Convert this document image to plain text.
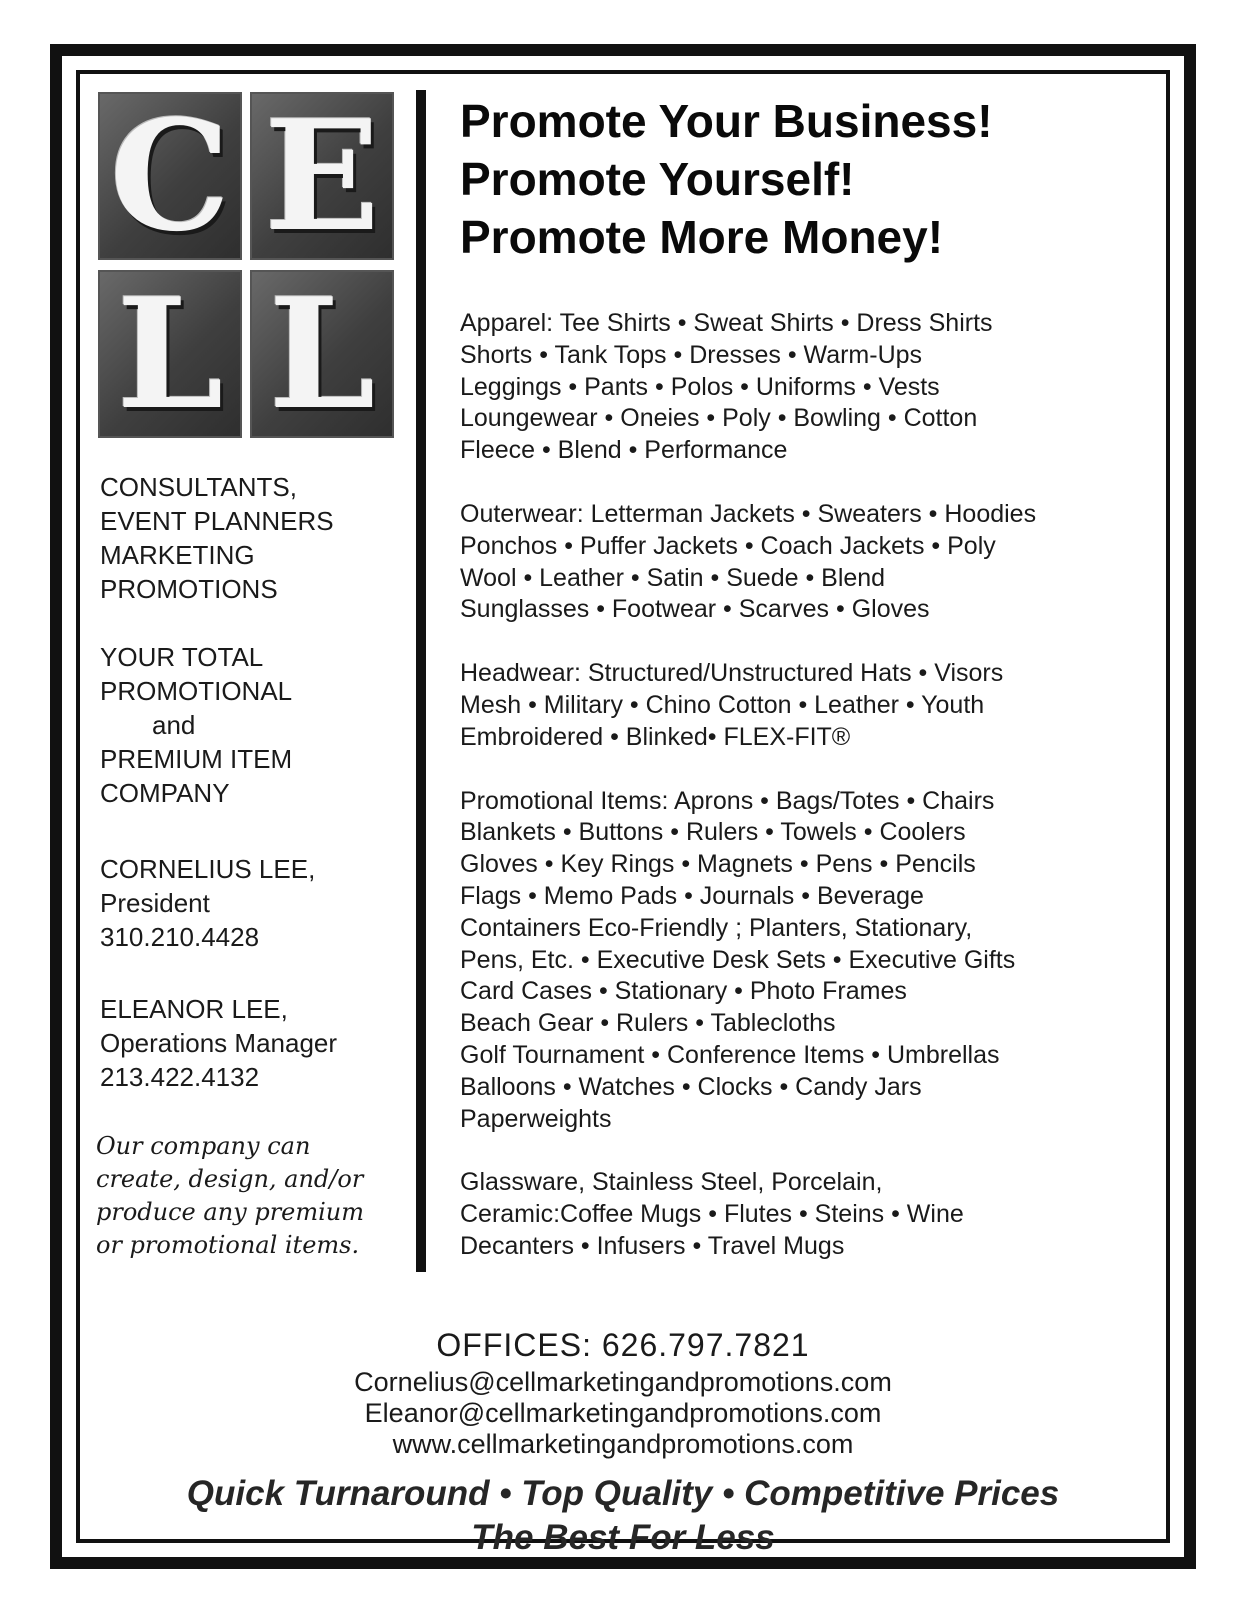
C E
L L
CONSULTANTS,
EVENT PLANNERS
MARKETING
PROMOTIONS
YOUR TOTAL
PROMOTIONAL
and
PREMIUM ITEM
COMPANY
CORNELIUS LEE,
President
310.210.4428
ELEANOR LEE,
Operations Manager
213.422.4132
Our company can
create, design, and/or
produce any premium
or promotional items.
Promote Your Business!
Promote Yourself!
Promote More Money!
Apparel: Tee Shirts • Sweat Shirts • Dress Shirts
Shorts • Tank Tops • Dresses • Warm-Ups
Leggings • Pants • Polos • Uniforms • Vests
Loungewear • Oneies • Poly • Bowling • Cotton
Fleece • Blend • Performance
Outerwear: Letterman Jackets • Sweaters • Hoodies
Ponchos • Puffer Jackets • Coach Jackets • Poly
Wool • Leather • Satin • Suede • Blend
Sunglasses • Footwear • Scarves • Gloves
Headwear: Structured/Unstructured Hats • Visors
Mesh • Military • Chino Cotton • Leather • Youth
Embroidered • Blinked• FLEX-FIT®
Promotional Items: Aprons • Bags/Totes • Chairs
Blankets • Buttons • Rulers • Towels • Coolers
Gloves • Key Rings • Magnets • Pens • Pencils
Flags • Memo Pads • Journals • Beverage
Containers Eco-Friendly ; Planters, Stationary,
Pens, Etc. • Executive Desk Sets • Executive Gifts
Card Cases • Stationary • Photo Frames
Beach Gear • Rulers • Tablecloths
Golf Tournament • Conference Items • Umbrellas
Balloons • Watches • Clocks • Candy Jars
Paperweights
Glassware, Stainless Steel, Porcelain,
Ceramic:Coffee Mugs • Flutes • Steins • Wine
Decanters • Infusers • Travel Mugs
OFFICES: 626.797.7821
Cornelius@cellmarketingandpromotions.com
Eleanor@cellmarketingandpromotions.com
www.cellmarketingandpromotions.com
Quick Turnaround • Top Quality • Competitive Prices
The Best For Less
